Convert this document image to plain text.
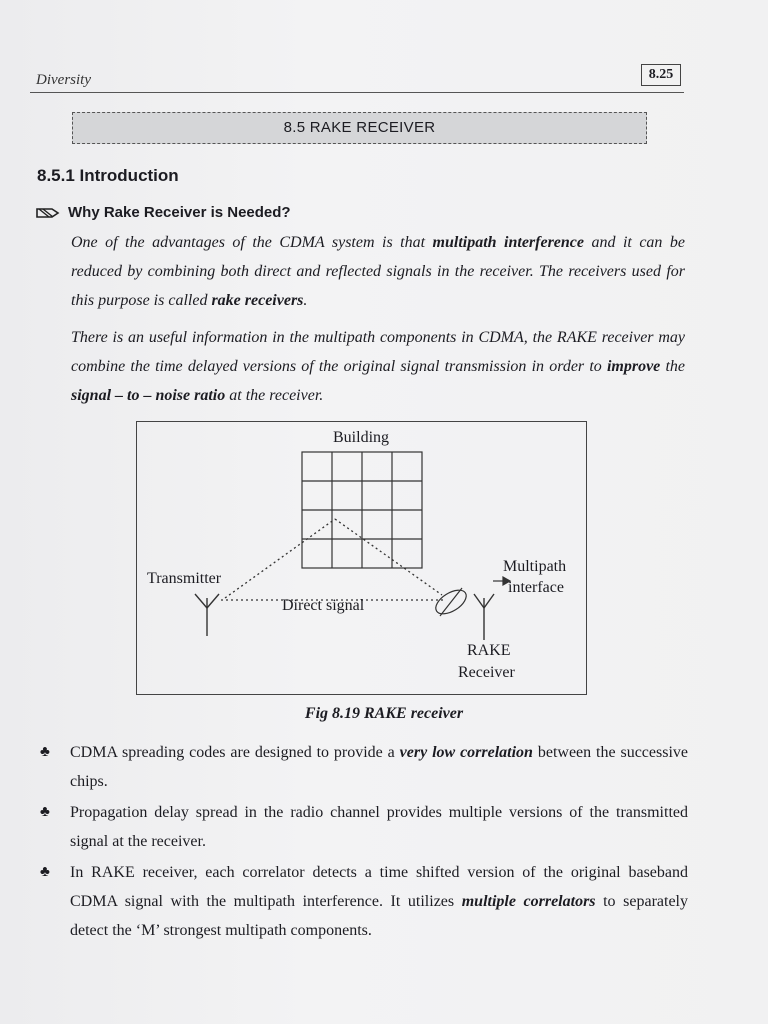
Diversity	8.25
8.5 RAKE RECEIVER
8.5.1 Introduction
Why Rake Receiver is Needed?
One of the advantages of the CDMA system is that multipath interference and it can be reduced by combining both direct and reflected signals in the receiver. The receivers used for this purpose is called rake receivers.
There is an useful information in the multipath components in CDMA, the RAKE receiver may combine the time delayed versions of the original signal transmission in order to improve the signal – to – noise ratio at the receiver.
Building
Transmitter
Direct signal
Multipath
interface
RAKE
Receiver
Fig 8.19 RAKE receiver
♣ CDMA spreading codes are designed to provide a very low correlation between the successive chips.
♣ Propagation delay spread in the radio channel provides multiple versions of the transmitted signal at the receiver.
♣ In RAKE receiver, each correlator detects a time shifted version of the original baseband CDMA signal with the multipath interference. It utilizes multiple correlators to separately detect the ‘M’ strongest multipath components.
